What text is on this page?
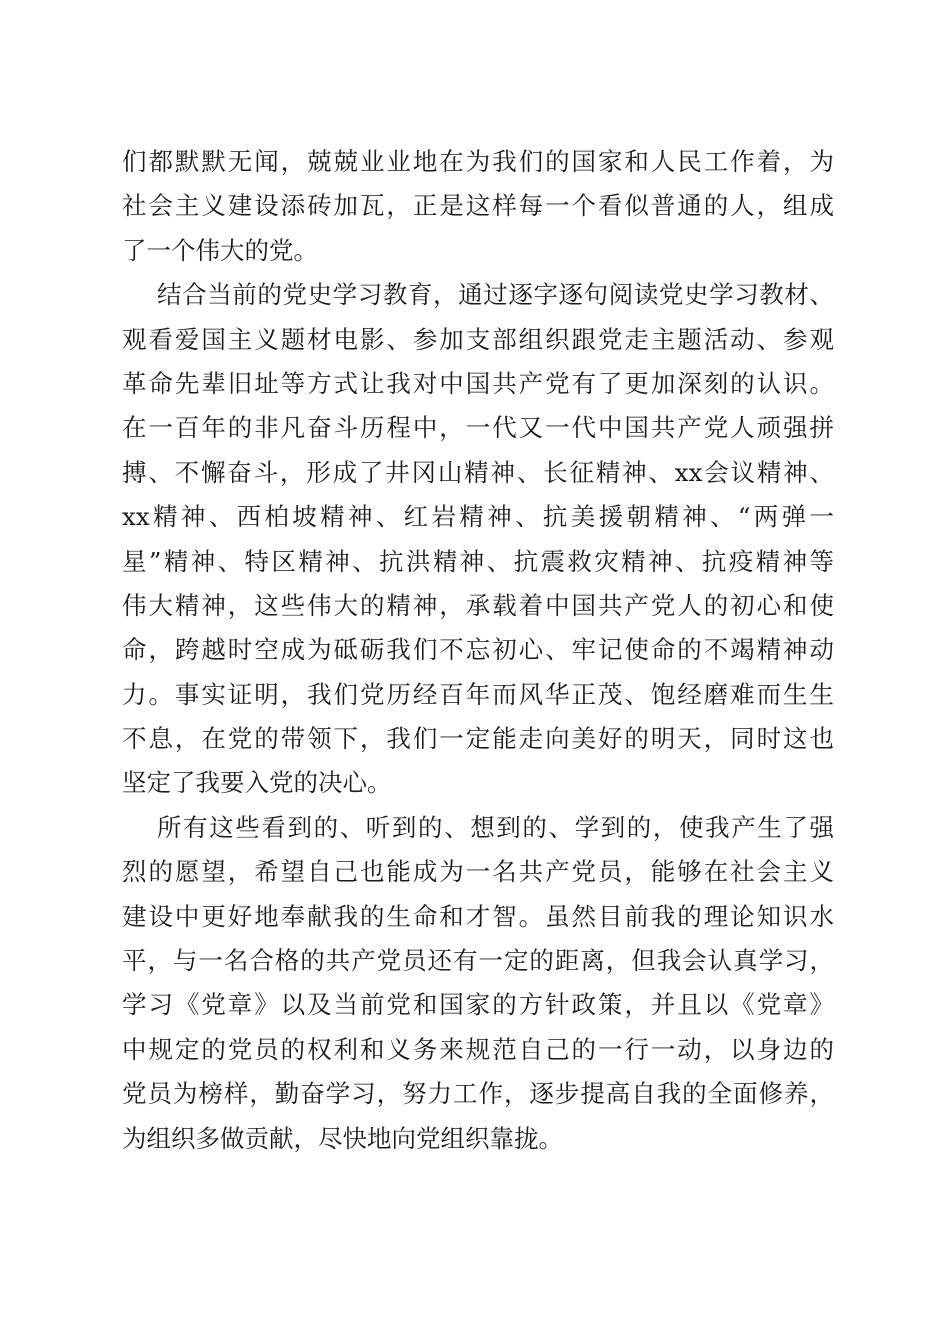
们都默默无闻，兢兢业业地在为我们的国家和人民工作着，为
社会主义建设添砖加瓦，正是这样每一个看似普通的人，组成
了一个伟大的党。
结合当前的党史学习教育，通过逐字逐句阅读党史学习教材、
观看爱国主义题材电影、参加支部组织跟党走主题活动、参观
革命先辈旧址等方式让我对中国共产党有了更加深刻的认识。
在一百年的非凡奋斗历程中，一代又一代中国共产党人顽强拼
搏、不懈奋斗，形成了井冈山精神、长征精神、xx会议精神、
xx精神、西柏坡精神、红岩精神、抗美援朝精神、“两弹一
星”精神、特区精神、抗洪精神、抗震救灾精神、抗疫精神等
伟大精神，这些伟大的精神，承载着中国共产党人的初心和使
命，跨越时空成为砥砺我们不忘初心、牢记使命的不竭精神动
力。事实证明，我们党历经百年而风华正茂、饱经磨难而生生
不息，在党的带领下，我们一定能走向美好的明天，同时这也
坚定了我要入党的决心。
所有这些看到的、听到的、想到的、学到的，使我产生了强
烈的愿望，希望自己也能成为一名共产党员，能够在社会主义
建设中更好地奉献我的生命和才智。虽然目前我的理论知识水
平，与一名合格的共产党员还有一定的距离，但我会认真学习，
学习《党章》以及当前党和国家的方针政策，并且以《党章》
中规定的党员的权利和义务来规范自己的一行一动，以身边的
党员为榜样，勤奋学习，努力工作，逐步提高自我的全面修养，
为组织多做贡献，尽快地向党组织靠拢。
